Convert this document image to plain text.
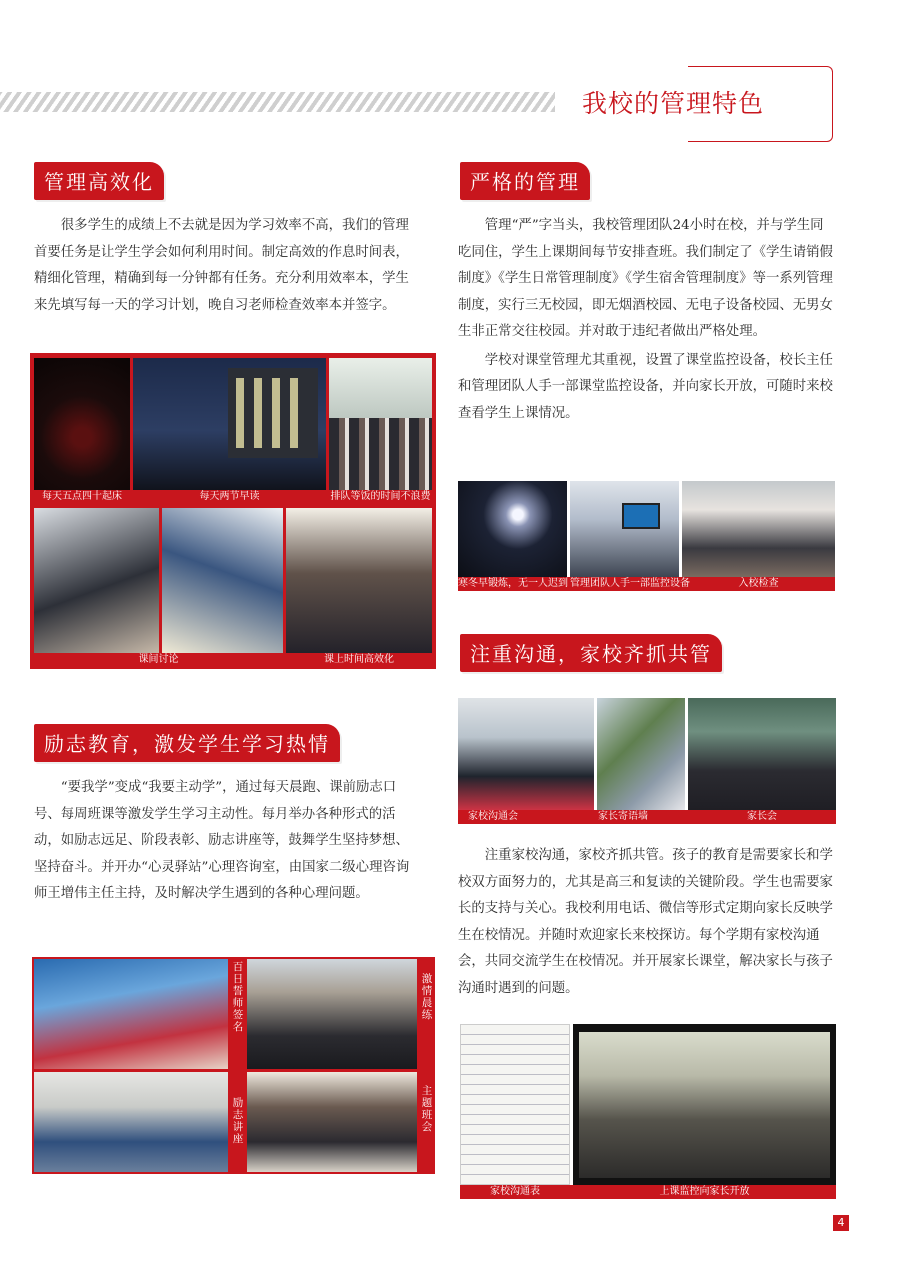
我校的管理特色
管理高效化

很多学生的成绩上不去就是因为学习效率不高，我们的管理首要任务是让学生学会如何利用时间。制定高效的作息时间表，精细化管理，精确到每一分钟都有任务。充分利用效率本，学生来先填写每一天的学习计划，晚自习老师检查效率本并签字。

每天五点四十起床	每天两节早读	排队等饭的时间不浪费
课间讨论	课上时间高效化
严格的管理

管理“严”字当头，我校管理团队24小时在校，并与学生同吃同住，学生上课期间每节安排查班。我们制定了《学生请销假制度》《学生日常管理制度》《学生宿舍管理制度》等一系列管理制度，实行三无校园，即无烟酒校园、无电子设备校园、无男女生非正常交往校园。并对敢于违纪者做出严格处理。

学校对课堂管理尤其重视，设置了课堂监控设备，校长主任和管理团队人手一部课堂监控设备，并向家长开放，可随时来校查看学生上课情况。

寒冬早锻炼，无一人迟到 管理团队人手一部监控设备	入校检查
励志教育，激发学生学习热情

“要我学”变成“我要主动学”，通过每天晨跑、课前励志口号、每周班课等激发学生学习主动性。每月举办各种形式的活动，如励志远足、阶段表彰、励志讲座等，鼓舞学生坚持梦想、坚持奋斗。并开办“心灵驿站”心理咨询室，由国家二级心理咨询师王增伟主任主持，及时解决学生遇到的各种心理问题。

百日誓师签名
激情晨练
励志讲座
主题班会
注重沟通，家校齐抓共管
家校沟通会	家长寄语墙	家长会

注重家校沟通，家校齐抓共管。孩子的教育是需要家长和学校双方面努力的，尤其是高三和复读的关键阶段。学生也需要家长的支持与关心。我校利用电话、微信等形式定期向家长反映学生在校情况。并随时欢迎家长来校探访。每个学期有家校沟通会，共同交流学生在校情况。并开展家长课堂，解决家长与孩子沟通时遇到的问题。

家校沟通表	上课监控向家长开放
4
